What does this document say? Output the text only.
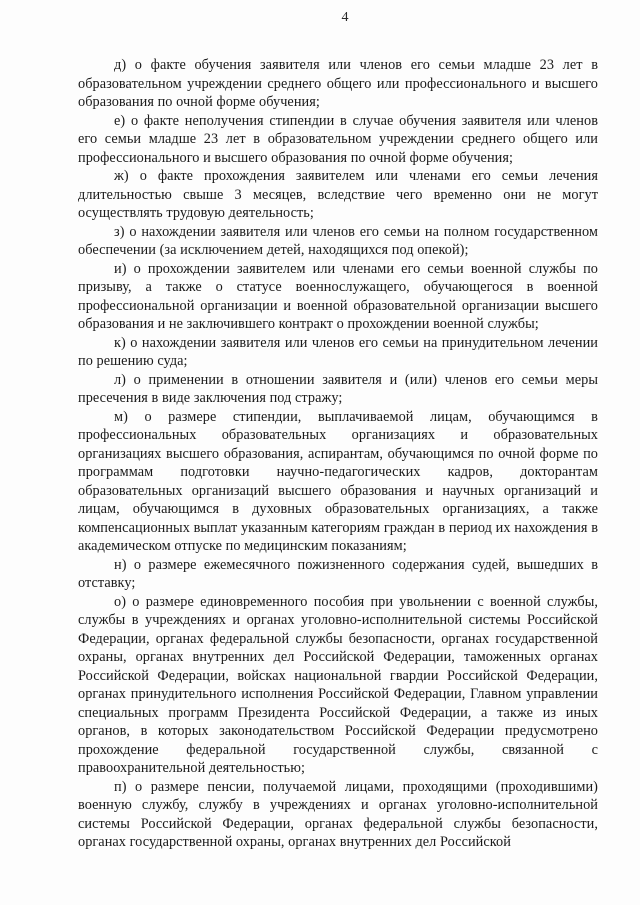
4

д) о факте обучения заявителя или членов его семьи младше 23 лет в образовательном учреждении среднего общего или профессионального и высшего образования по очной форме обучения;

е) о факте неполучения стипендии в случае обучения заявителя или членов его семьи младше 23 лет в образовательном учреждении среднего общего или профессионального и высшего образования по очной форме обучения;

ж) о факте прохождения заявителем или членами его семьи лечения длительностью свыше 3 месяцев, вследствие чего временно они не могут осуществлять трудовую деятельность;

з) о нахождении заявителя или членов его семьи на полном государственном обеспечении (за исключением детей, находящихся под опекой);

и) о прохождении заявителем или членами его семьи военной службы по призыву, а также о статусе военнослужащего, обучающегося в военной профессиональной организации и военной образовательной организации высшего образования и не заключившего контракт о прохождении военной службы;

к) о нахождении заявителя или членов его семьи на принудительном лечении по решению суда;

л) о применении в отношении заявителя и (или) членов его семьи меры пресечения в виде заключения под стражу;

м) о размере стипендии, выплачиваемой лицам, обучающимся в профессиональных образовательных организациях и образовательных организациях высшего образования, аспирантам, обучающимся по очной форме по программам подготовки научно-педагогических кадров, докторантам образовательных организаций высшего образования и научных организаций и лицам, обучающимся в духовных образовательных организациях, а также компенсационных выплат указанным категориям граждан в период их нахождения в академическом отпуске по медицинским показаниям;

н) о размере ежемесячного пожизненного содержания судей, вышедших в отставку;

о) о размере единовременного пособия при увольнении с военной службы, службы в учреждениях и органах уголовно-исполнительной системы Российской Федерации, органах федеральной службы безопасности, органах государственной охраны, органах внутренних дел Российской Федерации, таможенных органах Российской Федерации, войсках национальной гвардии Российской Федерации, органах принудительного исполнения Российской Федерации, Главном управлении специальных программ Президента Российской Федерации, а также из иных органов, в которых законодательством Российской Федерации предусмотрено прохождение федеральной государственной службы, связанной с правоохранительной деятельностью;

п) о размере пенсии, получаемой лицами, проходящими (проходившими) военную службу, службу в учреждениях и органах уголовно-исполнительной системы Российской Федерации, органах федеральной службы безопасности, органах государственной охраны, органах внутренних дел Российской
